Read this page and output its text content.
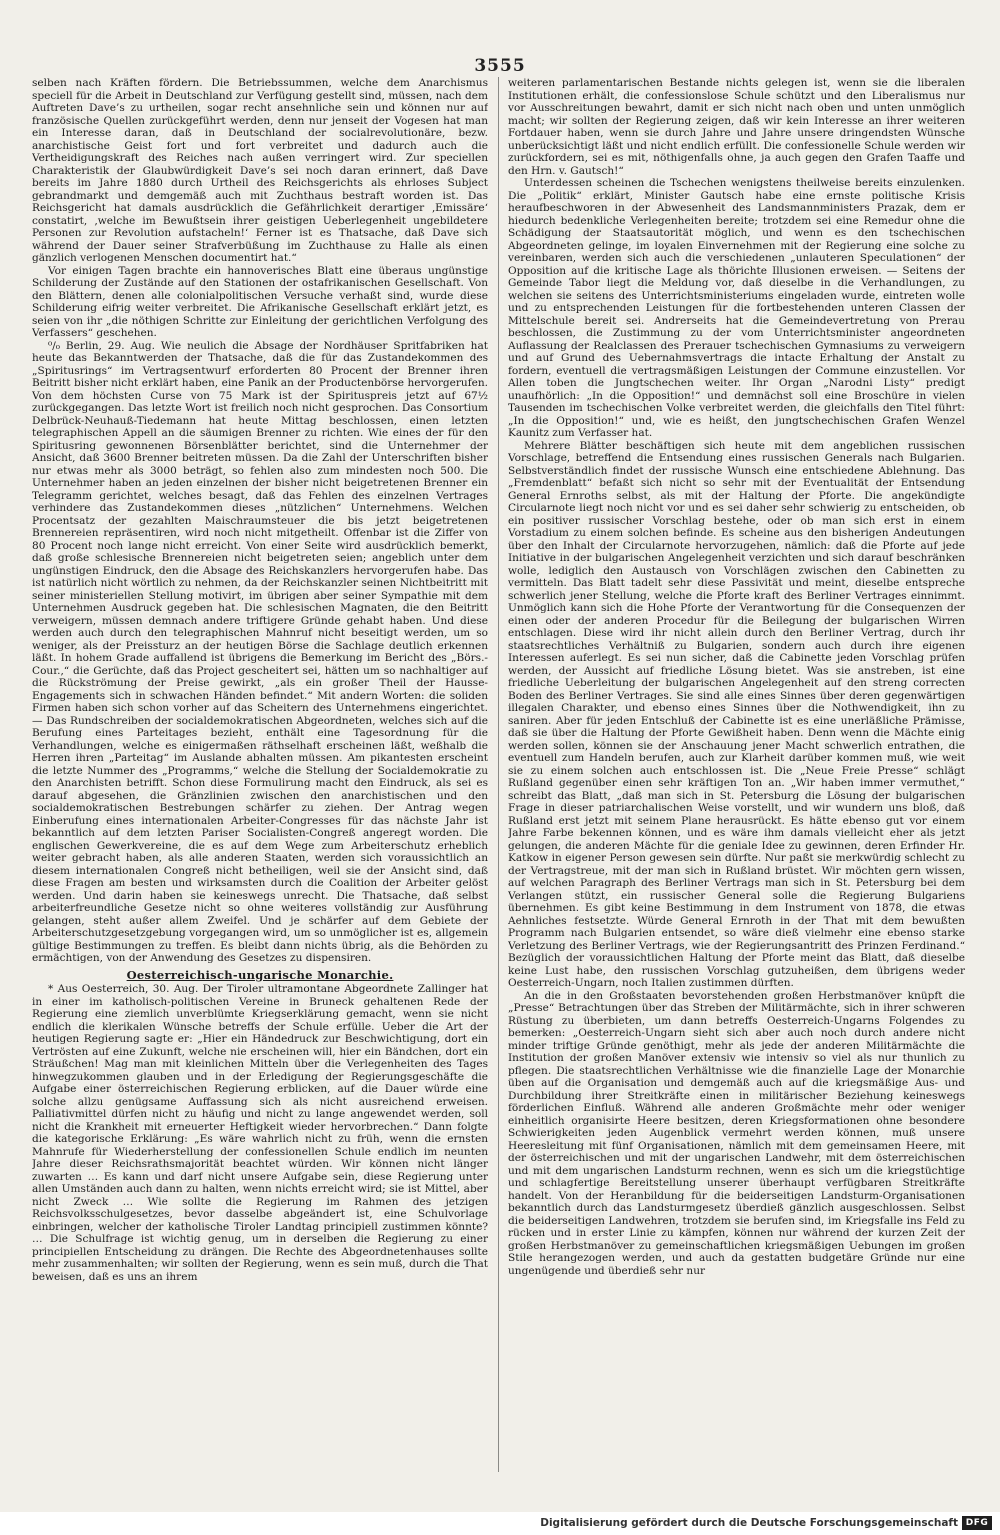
3555

selben nach Kräften fördern. Die Betriebssummen, welche dem Anarchismus speciell für die Arbeit in Deutschland zur Verfügung gestellt sind, müssen, nach dem Auftreten Dave’s zu urtheilen, sogar recht ansehnliche sein und können nur auf französische Quellen zurückgeführt werden, denn nur jenseit der Vogesen hat man ein Interesse daran, daß in Deutschland der socialrevolutionäre, bezw. anarchistische Geist fort und fort verbreitet und dadurch auch die Vertheidigungskraft des Reiches nach außen verringert wird. Zur speciellen Charakteristik der Glaubwürdigkeit Dave’s sei noch daran erinnert, daß Dave bereits im Jahre 1880 durch Urtheil des Reichsgerichts als ehrloses Subject gebrandmarkt und demgemäß auch mit Zuchthaus bestraft worden ist. Das Reichsgericht hat damals ausdrücklich die Gefährlichkeit derartiger ‚Emissäre‘ constatirt, ‚welche im Bewußtsein ihrer geistigen Ueberlegenheit ungebildetere Personen zur Revolution aufstacheln!‘ Ferner ist es Thatsache, daß Dave sich während der Dauer seiner Strafverbüßung im Zuchthause zu Halle als einen gänzlich verlogenen Menschen documentirt hat.“

Vor einigen Tagen brachte ein hannoverisches Blatt eine überaus ungünstige Schilderung der Zustände auf den Stationen der ostafrikanischen Gesellschaft. Von den Blättern, denen alle colonialpolitischen Versuche verhaßt sind, wurde diese Schilderung eifrig weiter verbreitet. Die Afrikanische Gesellschaft erklärt jetzt, es seien von ihr „die nöthigen Schritte zur Einleitung der gerichtlichen Verfolgung des Verfassers“ geschehen.

⁰/₀ Berlin, 29. Aug. Wie neulich die Absage der Nordhäuser Spritfabriken hat heute das Bekanntwerden der Thatsache, daß die für das Zustandekommen des „Spiritusrings“ im Vertragsentwurf erforderten 80 Procent der Brenner ihren Beitritt bisher nicht erklärt haben, eine Panik an der Productenbörse hervorgerufen. Von dem höchsten Curse von 75 Mark ist der Spirituspreis jetzt auf 67½ zurückgegangen. Das letzte Wort ist freilich noch nicht gesprochen. Das Consortium Delbrück-Neuhauß-Tiedemann hat heute Mittag beschlossen, einen letzten telegraphischen Appell an die säumigen Brenner zu richten. Wie eines der für den Spiritusring gewonnenen Börsenblätter berichtet, sind die Unternehmer der Ansicht, daß 3600 Brenner beitreten müssen. Da die Zahl der Unterschriften bisher nur etwas mehr als 3000 beträgt, so fehlen also zum mindesten noch 500. Die Unternehmer haben an jeden einzelnen der bisher nicht beigetretenen Brenner ein Telegramm gerichtet, welches besagt, daß das Fehlen des einzelnen Vertrages verhindere das Zustandekommen dieses „nützlichen“ Unternehmens. Welchen Procentsatz der gezahlten Maischraumsteuer die bis jetzt beigetretenen Brennereien repräsentiren, wird noch nicht mitgetheilt. Offenbar ist die Ziffer von 80 Procent noch lange nicht erreicht. Von einer Seite wird ausdrücklich bemerkt, daß große schlesische Brennereien nicht beigetreten seien; angeblich unter dem ungünstigen Eindruck, den die Absage des Reichskanzlers hervorgerufen habe. Das ist natürlich nicht wörtlich zu nehmen, da der Reichskanzler seinen Nichtbeitritt mit seiner ministeriellen Stellung motivirt, im übrigen aber seiner Sympathie mit dem Unternehmen Ausdruck gegeben hat. Die schlesischen Magnaten, die den Beitritt verweigern, müssen demnach andere triftigere Gründe gehabt haben. Und diese werden auch durch den telegraphischen Mahnruf nicht beseitigt werden, um so weniger, als der Preissturz an der heutigen Börse die Sachlage deutlich erkennen läßt. In hohem Grade auffallend ist übrigens die Bemerkung im Bericht des „Börs.-Cour.,“ die Gerüchte, daß das Project gescheitert sei, hätten um so nachhaltiger auf die Rückströmung der Preise gewirkt, „als ein großer Theil der Hausse-Engagements sich in schwachen Händen befindet.“ Mit andern Worten: die soliden Firmen haben sich schon vorher auf das Scheitern des Unternehmens eingerichtet. — Das Rundschreiben der socialdemokratischen Abgeordneten, welches sich auf die Berufung eines Parteitages bezieht, enthält eine Tagesordnung für die Verhandlungen, welche es einigermaßen räthselhaft erscheinen läßt, weßhalb die Herren ihren „Parteitag“ im Auslande abhalten müssen. Am pikantesten erscheint die letzte Nummer des „Programms,“ welche die Stellung der Socialdemokratie zu den Anarchisten betrifft. Schon diese Formulirung macht den Eindruck, als sei es darauf abgesehen, die Gränzlinien zwischen den anarchistischen und den socialdemokratischen Bestrebungen schärfer zu ziehen. Der Antrag wegen Einberufung eines internationalen Arbeiter-Congresses für das nächste Jahr ist bekanntlich auf dem letzten Pariser Socialisten-Congreß angeregt worden. Die englischen Gewerkvereine, die es auf dem Wege zum Arbeiterschutz erheblich weiter gebracht haben, als alle anderen Staaten, werden sich voraussichtlich an diesem internationalen Congreß nicht betheiligen, weil sie der Ansicht sind, daß diese Fragen am besten und wirksamsten durch die Coalition der Arbeiter gelöst werden. Und darin haben sie keineswegs unrecht. Die Thatsache, daß selbst arbeiterfreundliche Gesetze nicht so ohne weiteres vollständig zur Ausführung gelangen, steht außer allem Zweifel. Und je schärfer auf dem Gebiete der Arbeiterschutzgesetzgebung vorgegangen wird, um so unmöglicher ist es, allgemein gültige Bestimmungen zu treffen. Es bleibt dann nichts übrig, als die Behörden zu ermächtigen, von der Anwendung des Gesetzes zu dispensiren.

Oesterreichisch-ungarische Monarchie.

* Aus Oesterreich, 30. Aug. Der Tiroler ultramontane Abgeordnete Zallinger hat in einer im katholisch-politischen Vereine in Bruneck gehaltenen Rede der Regierung eine ziemlich unverblümte Kriegserklärung gemacht, wenn sie nicht endlich die klerikalen Wünsche betreffs der Schule erfülle. Ueber die Art der heutigen Regierung sagte er: „Hier ein Händedruck zur Beschwichtigung, dort ein Vertrösten auf eine Zukunft, welche nie erscheinen will, hier ein Bändchen, dort ein Sträußchen! Mag man mit kleinlichen Mitteln über die Verlegenheiten des Tages hinwegzukommen glauben und in der Erledigung der Regierungsgeschäfte die Aufgabe einer österreichischen Regierung erblicken, auf die Dauer würde eine solche allzu genügsame Auffassung sich als nicht ausreichend erweisen. Palliativmittel dürfen nicht zu häufig und nicht zu lange angewendet werden, soll nicht die Krankheit mit erneuerter Heftigkeit wieder hervorbrechen.“ Dann folgte die kategorische Erklärung: „Es wäre wahrlich nicht zu früh, wenn die ernsten Mahnrufe für Wiederherstellung der confessionellen Schule endlich im neunten Jahre dieser Reichsrathsmajorität beachtet würden. Wir können nicht länger zuwarten … Es kann und darf nicht unsere Aufgabe sein, diese Regierung unter allen Umständen auch dann zu halten, wenn nichts erreicht wird; sie ist Mittel, aber nicht Zweck … Wie sollte die Regierung im Rahmen des jetzigen Reichsvolksschulgesetzes, bevor dasselbe abgeändert ist, eine Schulvorlage einbringen, welcher der katholische Tiroler Landtag principiell zustimmen könnte? … Die Schulfrage ist wichtig genug, um in derselben die Regierung zu einer principiellen Entscheidung zu drängen. Die Rechte des Abgeordnetenhauses sollte mehr zusammenhalten; wir sollten der Regierung, wenn es sein muß, durch die That beweisen, daß es uns an ihrem

weiteren parlamentarischen Bestande nichts gelegen ist, wenn sie die liberalen Institutionen erhält, die confessionslose Schule schützt und den Liberalismus nur vor Ausschreitungen bewahrt, damit er sich nicht nach oben und unten unmöglich macht; wir sollten der Regierung zeigen, daß wir kein Interesse an ihrer weiteren Fortdauer haben, wenn sie durch Jahre und Jahre unsere dringendsten Wünsche unberücksichtigt läßt und nicht endlich erfüllt. Die confessionelle Schule werden wir zurückfordern, sei es mit, nöthigenfalls ohne, ja auch gegen den Grafen Taaffe und den Hrn. v. Gautsch!“

Unterdessen scheinen die Tschechen wenigstens theilweise bereits einzulenken. Die „Politik“ erklärt, Minister Gautsch habe eine ernste politische Krisis heraufbeschworen in der Abwesenheit des Landsmannministers Prazak, dem er hiedurch bedenkliche Verlegenheiten bereite; trotzdem sei eine Remedur ohne die Schädigung der Staatsautorität möglich, und wenn es den tschechischen Abgeordneten gelinge, im loyalen Einvernehmen mit der Regierung eine solche zu vereinbaren, werden sich auch die verschiedenen „unlauteren Speculationen“ der Opposition auf die kritische Lage als thörichte Illusionen erweisen. — Seitens der Gemeinde Tabor liegt die Meldung vor, daß dieselbe in die Verhandlungen, zu welchen sie seitens des Unterrichtsministeriums eingeladen wurde, eintreten wolle und zu entsprechenden Leistungen für die fortbestehenden unteren Classen der Mittelschule bereit sei. Andrerseits hat die Gemeindevertretung von Prerau beschlossen, die Zustimmung zu der vom Unterrichtsminister angeordneten Auflassung der Realclassen des Prerauer tschechischen Gymnasiums zu verweigern und auf Grund des Uebernahmsvertrags die intacte Erhaltung der Anstalt zu fordern, eventuell die vertragsmäßigen Leistungen der Commune einzustellen. Vor Allen toben die Jungtschechen weiter. Ihr Organ „Narodni Listy“ predigt unaufhörlich: „In die Opposition!“ und demnächst soll eine Broschüre in vielen Tausenden im tschechischen Volke verbreitet werden, die gleichfalls den Titel führt: „In die Opposition!“ und, wie es heißt, den jungtschechischen Grafen Wenzel Kaunitz zum Verfasser hat.

Mehrere Blätter beschäftigen sich heute mit dem angeblichen russischen Vorschlage, betreffend die Entsendung eines russischen Generals nach Bulgarien. Selbstverständlich findet der russische Wunsch eine entschiedene Ablehnung. Das „Fremdenblatt“ befaßt sich nicht so sehr mit der Eventualität der Entsendung General Ernroths selbst, als mit der Haltung der Pforte. Die angekündigte Circularnote liegt noch nicht vor und es sei daher sehr schwierig zu entscheiden, ob ein positiver russischer Vorschlag bestehe, oder ob man sich erst in einem Vorstadium zu einem solchen befinde. Es scheine aus den bisherigen Andeutungen über den Inhalt der Circularnote hervorzugehen, nämlich: daß die Pforte auf jede Initiative in der bulgarischen Angelegenheit verzichten und sich darauf beschränken wolle, lediglich den Austausch von Vorschlägen zwischen den Cabinetten zu vermitteln. Das Blatt tadelt sehr diese Passivität und meint, dieselbe entspreche schwerlich jener Stellung, welche die Pforte kraft des Berliner Vertrages einnimmt. Unmöglich kann sich die Hohe Pforte der Verantwortung für die Consequenzen der einen oder der anderen Procedur für die Beilegung der bulgarischen Wirren entschlagen. Diese wird ihr nicht allein durch den Berliner Vertrag, durch ihr staatsrechtliches Verhältniß zu Bulgarien, sondern auch durch ihre eigenen Interessen auferlegt. Es sei nun sicher, daß die Cabinette jeden Vorschlag prüfen werden, der Aussicht auf friedliche Lösung bietet. Was sie anstreben, ist eine friedliche Ueberleitung der bulgarischen Angelegenheit auf den streng correcten Boden des Berliner Vertrages. Sie sind alle eines Sinnes über deren gegenwärtigen illegalen Charakter, und ebenso eines Sinnes über die Nothwendigkeit, ihn zu saniren. Aber für jeden Entschluß der Cabinette ist es eine unerläßliche Prämisse, daß sie über die Haltung der Pforte Gewißheit haben. Denn wenn die Mächte einig werden sollen, können sie der Anschauung jener Macht schwerlich entrathen, die eventuell zum Handeln berufen, auch zur Klarheit darüber kommen muß, wie weit sie zu einem solchen auch entschlossen ist. Die „Neue Freie Presse“ schlägt Rußland gegenüber einen sehr kräftigen Ton an. „Wir haben immer vermuthet,“ schreibt das Blatt, „daß man sich in St. Petersburg die Lösung der bulgarischen Frage in dieser patriarchalischen Weise vorstellt, und wir wundern uns bloß, daß Rußland erst jetzt mit seinem Plane herausrückt. Es hätte ebenso gut vor einem Jahre Farbe bekennen können, und es wäre ihm damals vielleicht eher als jetzt gelungen, die anderen Mächte für die geniale Idee zu gewinnen, deren Erfinder Hr. Katkow in eigener Person gewesen sein dürfte. Nur paßt sie merkwürdig schlecht zu der Vertragstreue, mit der man sich in Rußland brüstet. Wir möchten gern wissen, auf welchen Paragraph des Berliner Vertrags man sich in St. Petersburg bei dem Verlangen stützt, ein russischer General solle die Regierung Bulgariens übernehmen. Es gibt keine Bestimmung in dem Instrument von 1878, die etwas Aehnliches festsetzte. Würde General Ernroth in der That mit dem bewußten Programm nach Bulgarien entsendet, so wäre dieß vielmehr eine ebenso starke Verletzung des Berliner Vertrags, wie der Regierungsantritt des Prinzen Ferdinand.“ Bezüglich der voraussichtlichen Haltung der Pforte meint das Blatt, daß dieselbe keine Lust habe, den russischen Vorschlag gutzuheißen, dem übrigens weder Oesterreich-Ungarn, noch Italien zustimmen dürften.

An die in den Großstaaten bevorstehenden großen Herbstmanöver knüpft die „Presse“ Betrachtungen über das Streben der Militärmächte, sich in ihrer schweren Rüstung zu überbieten, um dann betreffs Oesterreich-Ungarns Folgendes zu bemerken: „Oesterreich-Ungarn sieht sich aber auch noch durch andere nicht minder triftige Gründe genöthigt, mehr als jede der anderen Militärmächte die Institution der großen Manöver extensiv wie intensiv so viel als nur thunlich zu pflegen. Die staatsrechtlichen Verhältnisse wie die finanzielle Lage der Monarchie üben auf die Organisation und demgemäß auch auf die kriegsmäßige Aus- und Durchbildung ihrer Streitkräfte einen in militärischer Beziehung keineswegs förderlichen Einfluß. Während alle anderen Großmächte mehr oder weniger einheitlich organisirte Heere besitzen, deren Kriegsformationen ohne besondere Schwierigkeiten jeden Augenblick vermehrt werden können, muß unsere Heeresleitung mit fünf Organisationen, nämlich mit dem gemeinsamen Heere, mit der österreichischen und mit der ungarischen Landwehr, mit dem österreichischen und mit dem ungarischen Landsturm rechnen, wenn es sich um die kriegstüchtige und schlagfertige Bereitstellung unserer überhaupt verfügbaren Streitkräfte handelt. Von der Heranbildung für die beiderseitigen Landsturm-Organisationen bekanntlich durch das Landsturmgesetz überdieß gänzlich ausgeschlossen. Selbst die beiderseitigen Landwehren, trotzdem sie berufen sind, im Kriegsfalle ins Feld zu rücken und in erster Linie zu kämpfen, können nur während der kurzen Zeit der großen Herbstmanöver zu gemeinschaftlichen kriegsmäßigen Uebungen im großen Stile herangezogen werden, und auch da gestatten budgetäre Gründe nur eine ungenügende und überdieß sehr nur

Digitalisierung gefördert durch die Deutsche Forschungsgemeinschaft DFG
